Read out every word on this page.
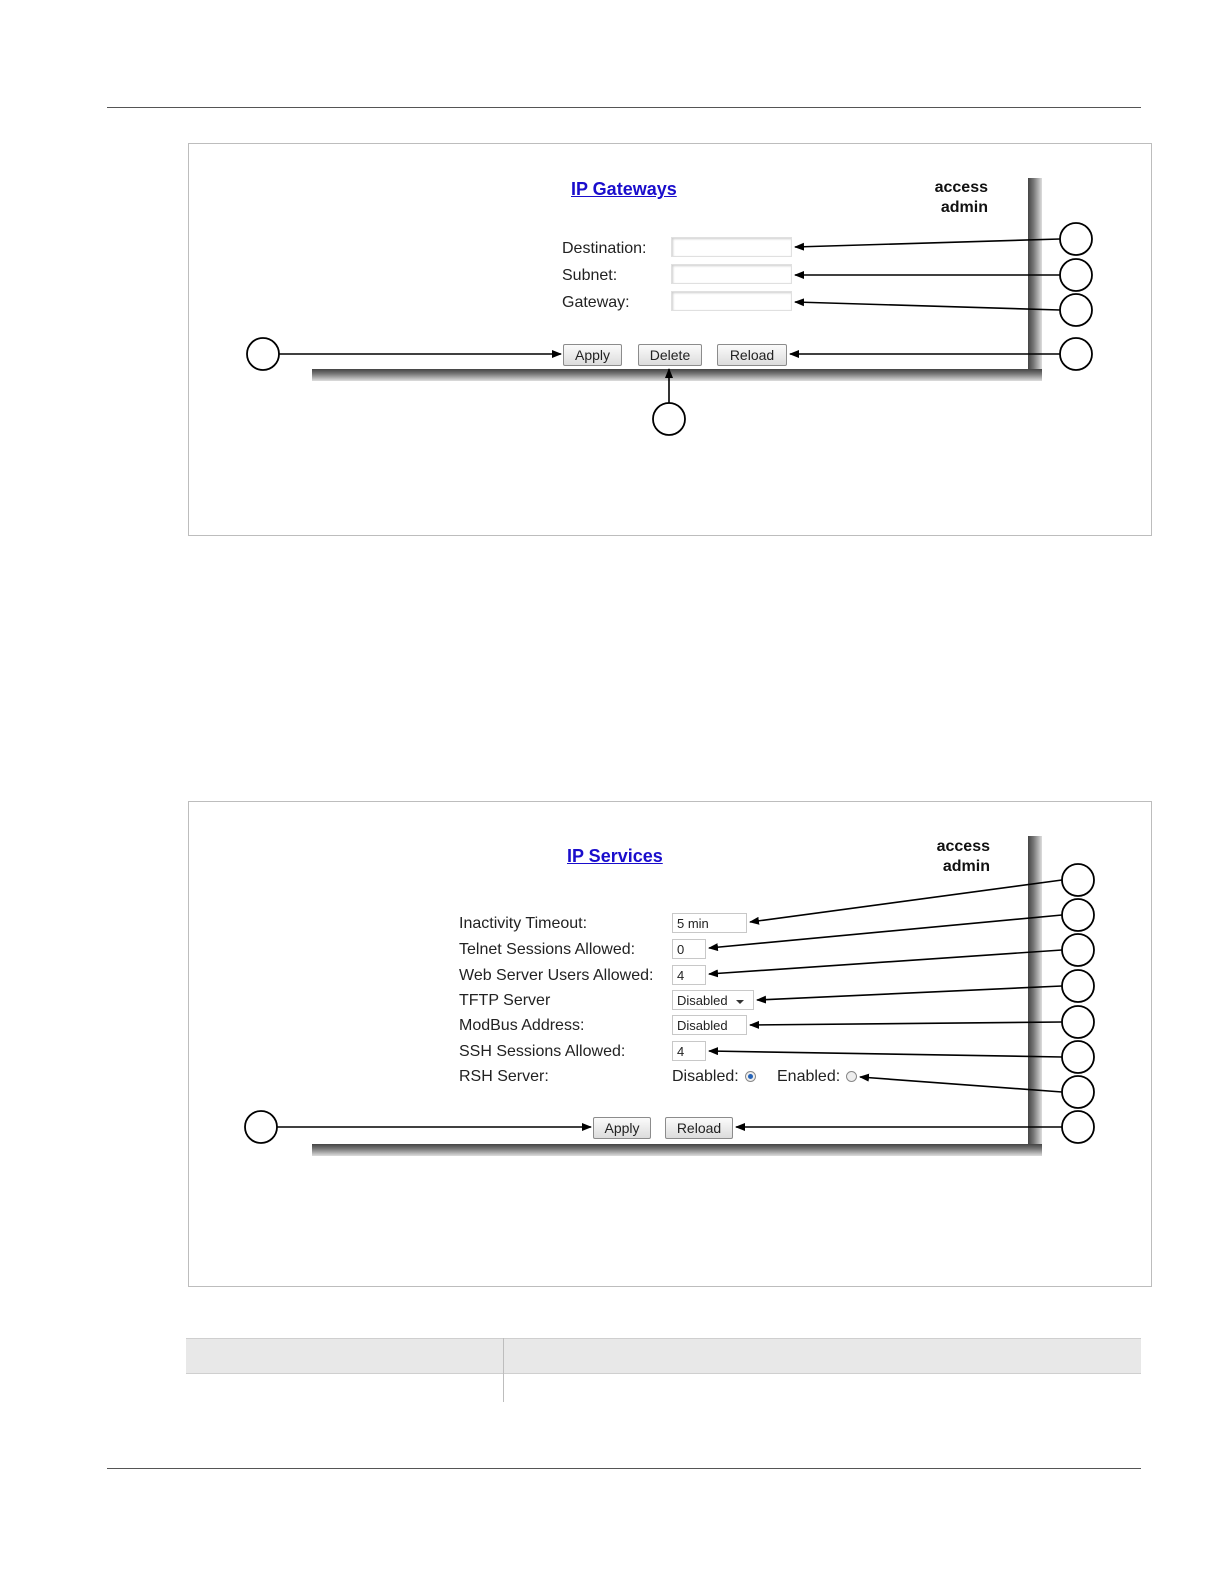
IP Gateways	access
admin
Destination:
Subnet:
Gateway:
Apply	Delete	Reload
IP Services	access
admin
Inactivity Timeout:	5 min
Telnet Sessions Allowed:	0
Web Server Users Allowed:	4
TFTP Server	Disabled
ModBus Address:	Disabled
SSH Sessions Allowed:	4
RSH Server:	Disabled: Enabled:
Apply	Reload
